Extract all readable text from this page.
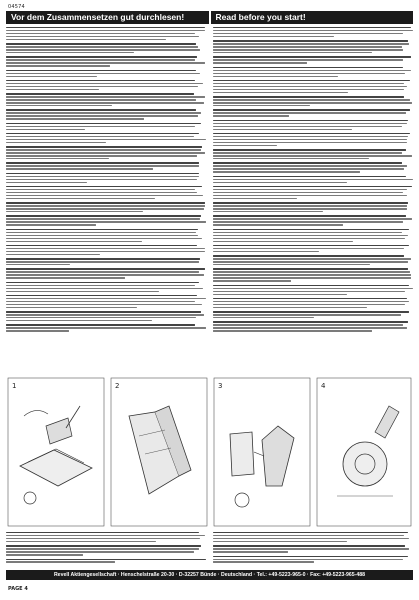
04574
Vor dem Zusammensetzen gut durchlesen!	Read before you start!
1	2	3	4
Revell Aktiengesellschaft · Henschelstraße 20-30 · D-32257 Bünde · Deutschland · Tel.: +49-5223-965-0 · Fax: +49-5223-965-488
PAGE 4
